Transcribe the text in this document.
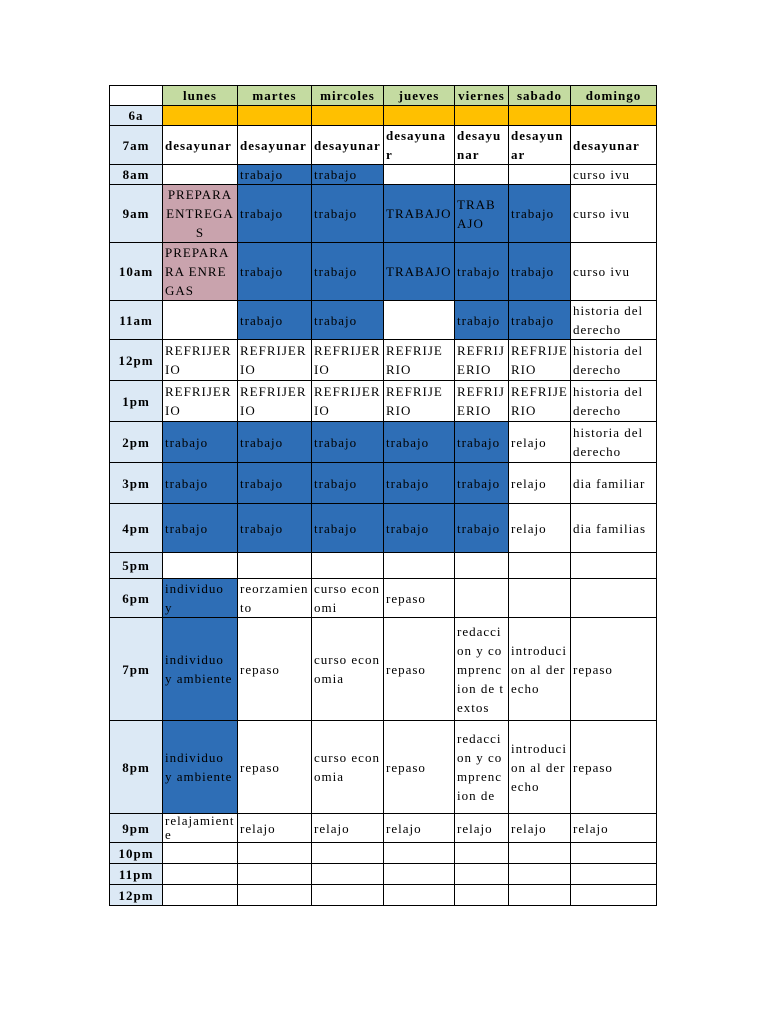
	lunes	martes	mircoles	jueves	viernes	sabado	domingo
6a							
7am	desayunar	desayunar	desayunar	desayunar	desayunar	desayunar	desayunar
8am		trabajo	trabajo				curso ivu
9am	PREPARA ENTREGAS	trabajo	trabajo	TRABAJO	TRABAJO	trabajo	curso ivu
10am	PREPARA RA ENREGAS	trabajo	trabajo	TRABAJO	trabajo	trabajo	curso ivu
11am		trabajo	trabajo		trabajo	trabajo	historia del derecho
12pm	REFRIJERIO	REFRIJERIO	REFRIJERIO	REFRIJERIO	REFRIJERIO	REFRIJERIO	historia del derecho
1pm	REFRIJERIO	REFRIJERIO	REFRIJERIO	REFRIJERIO	REFRIJERIO	REFRIJERIO	historia del derecho
2pm	trabajo	trabajo	trabajo	trabajo	trabajo	relajo	historia del derecho
3pm	trabajo	trabajo	trabajo	trabajo	trabajo	relajo	dia familiar
4pm	trabajo	trabajo	trabajo	trabajo	trabajo	relajo	dia familias
5pm							
6pm	individuo y	reorzamiento	curso economi	repaso			
7pm	individuo y ambiente	repaso	curso economia	repaso	redaccion y comprencion de textos	introducion al derecho	repaso
8pm	individuo y ambiente	repaso	curso economia	repaso	redaccion y comprencion de	introducion al derecho	repaso
9pm	relajamiente	relajo	relajo	relajo	relajo	relajo	relajo
10pm							
11pm							
12pm							
